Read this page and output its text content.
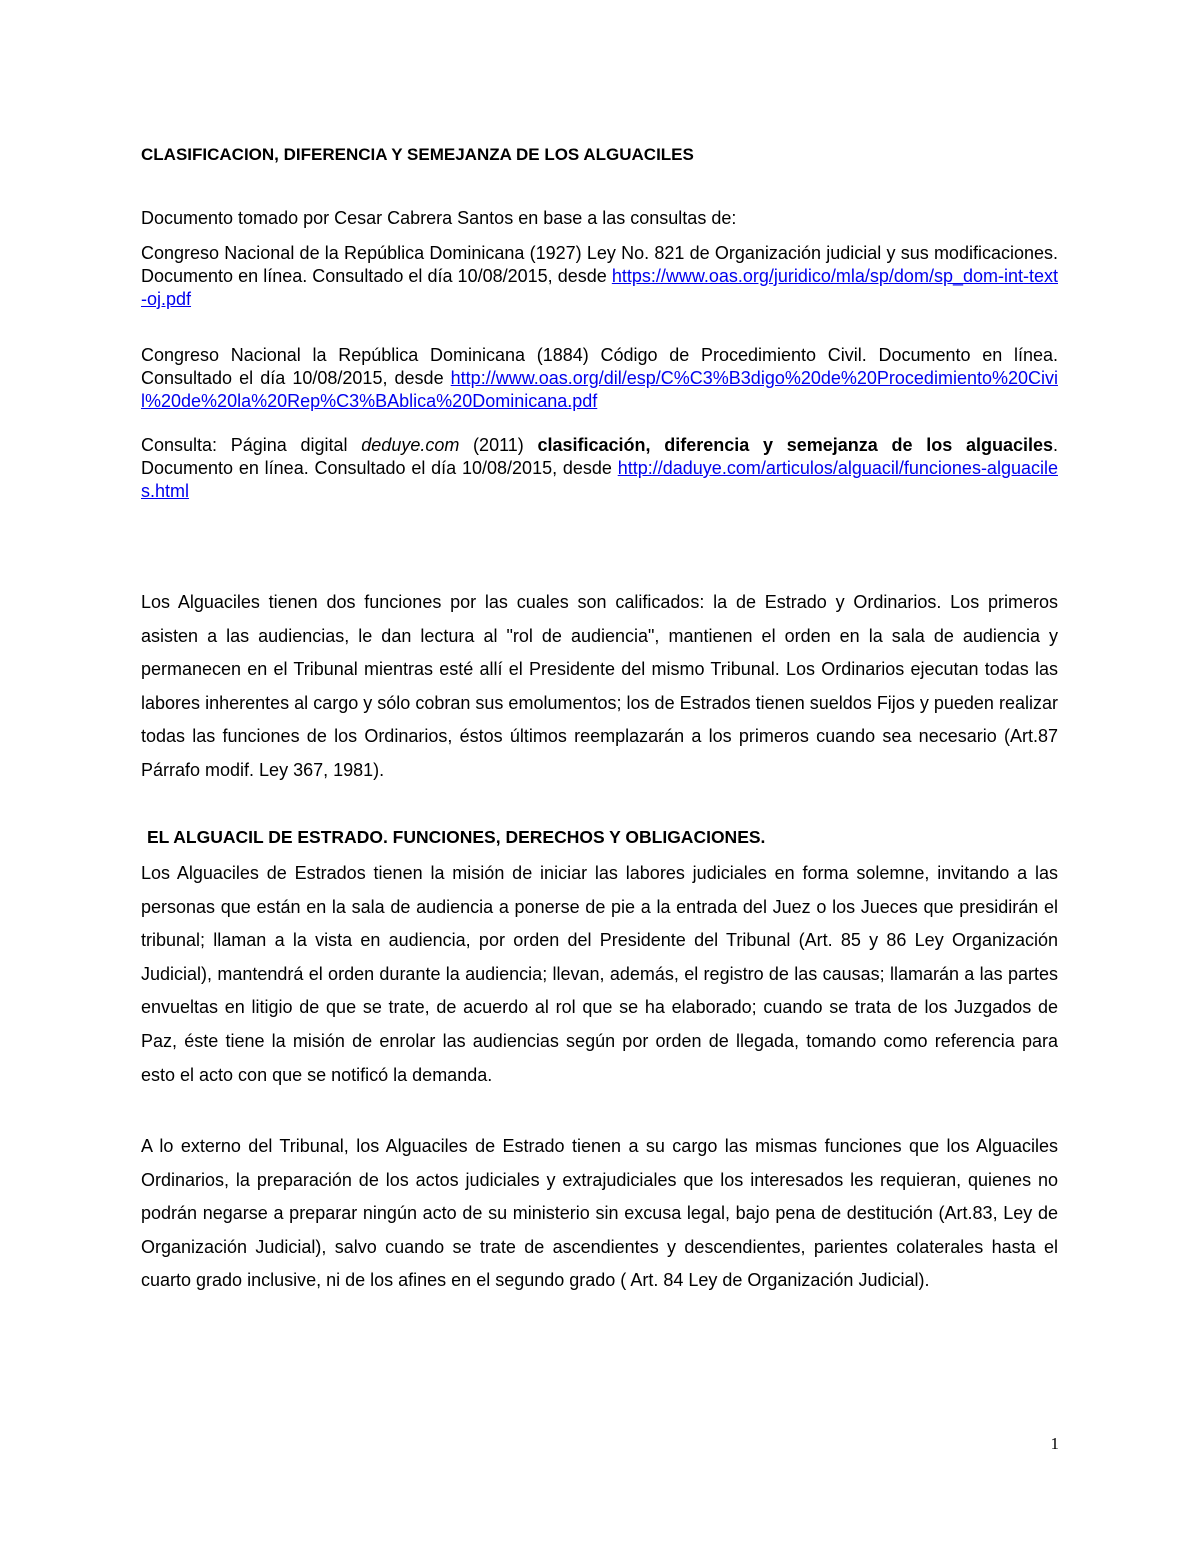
CLASIFICACION, DIFERENCIA Y SEMEJANZA DE LOS ALGUACILES
Documento tomado por Cesar Cabrera Santos en base a las consultas de:
Congreso Nacional de la República Dominicana (1927) Ley No. 821 de Organización judicial y sus modificaciones. Documento en línea. Consultado el día 10/08/2015, desde https://www.oas.org/juridico/mla/sp/dom/sp_dom-int-text-oj.pdf
Congreso Nacional la República Dominicana (1884) Código de Procedimiento Civil. Documento en línea. Consultado el día 10/08/2015, desde http://www.oas.org/dil/esp/C%C3%B3digo%20de%20Procedimiento%20Civil%20de%20la%20Rep%C3%BAblica%20Dominicana.pdf
Consulta: Página digital deduye.com (2011) clasificación, diferencia y semejanza de los alguaciles. Documento en línea. Consultado el día 10/08/2015, desde http://daduye.com/articulos/alguacil/funciones-alguaciles.html
Los Alguaciles tienen dos funciones por las cuales son calificados: la de Estrado y Ordinarios. Los primeros asisten a las audiencias, le dan lectura al "rol de audiencia", mantienen el orden en la sala de audiencia y permanecen en el Tribunal mientras esté allí el Presidente del mismo Tribunal. Los Ordinarios ejecutan todas las labores inherentes al cargo y sólo cobran sus emolumentos; los de Estrados tienen sueldos Fijos y pueden realizar todas las funciones de los Ordinarios, éstos últimos reemplazarán a los primeros cuando sea necesario (Art.87 Párrafo modif. Ley 367, 1981).
EL ALGUACIL DE ESTRADO. FUNCIONES, DERECHOS Y OBLIGACIONES.
Los Alguaciles de Estrados tienen la misión de iniciar las labores judiciales en forma solemne, invitando a las personas que están en la sala de audiencia a ponerse de pie a la entrada del Juez o los Jueces que presidirán el tribunal; llaman a la vista en audiencia, por orden del Presidente del Tribunal (Art. 85 y 86 Ley Organización Judicial), mantendrá el orden durante la audiencia; llevan, además, el registro de las causas; llamarán a las partes envueltas en litigio de que se trate, de acuerdo al rol que se ha elaborado; cuando se trata de los Juzgados de Paz, éste tiene la misión de enrolar las audiencias según por orden de llegada, tomando como referencia para esto el acto con que se notificó la demanda.
A lo externo del Tribunal, los Alguaciles de Estrado tienen a su cargo las mismas funciones que los Alguaciles Ordinarios, la preparación de los actos judiciales y extrajudiciales que los interesados les requieran, quienes no podrán negarse a preparar ningún acto de su ministerio sin excusa legal, bajo pena de destitución (Art.83, Ley de Organización Judicial), salvo cuando se trate de ascendientes y descendientes, parientes colaterales hasta el cuarto grado inclusive, ni de los afines en el segundo grado ( Art. 84 Ley de Organización Judicial).
1
